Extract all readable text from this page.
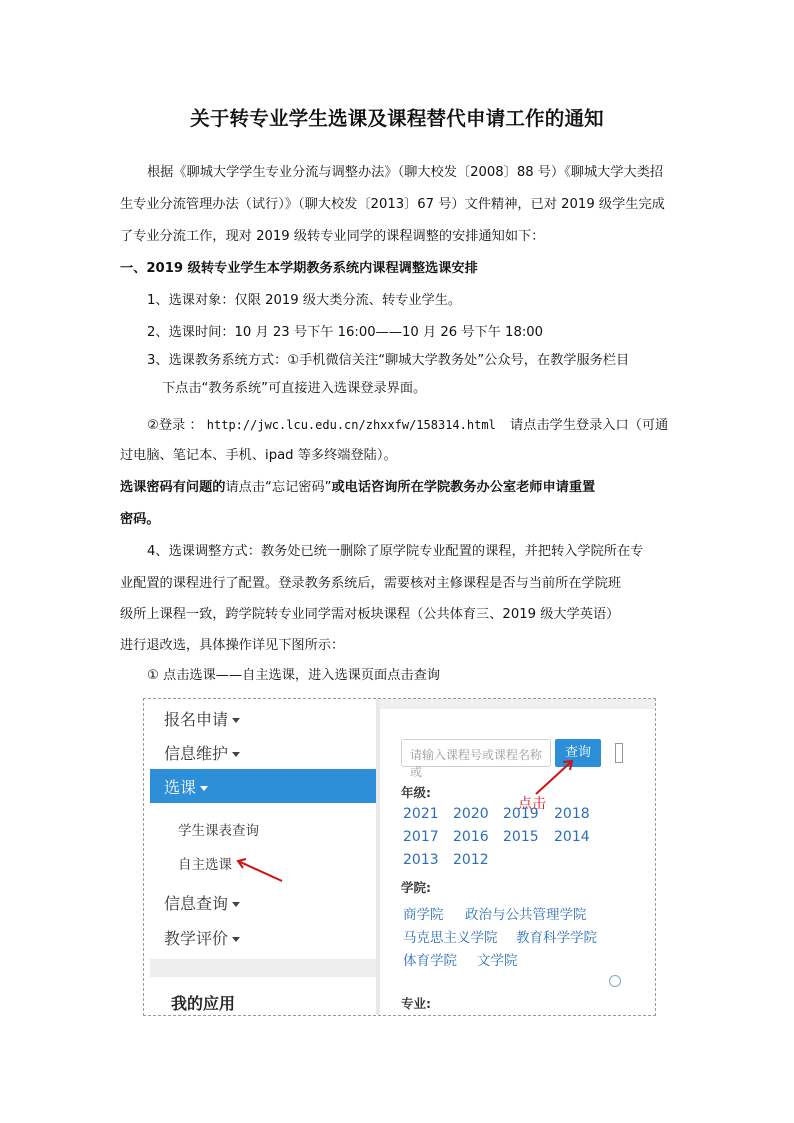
关于转专业学生选课及课程替代申请工作的通知
根据《聊城大学学生专业分流与调整办法》（聊大校发〔2008〕88 号）《聊城大学大类招
生专业分流管理办法（试行）》（聊大校发〔2013〕67 号）文件精神，已对 2019 级学生完成
了专业分流工作，现对 2019 级转专业同学的课程调整的安排通知如下：
一、2019 级转专业学生本学期教务系统内课程调整选课安排
1、选课对象：仅限 2019 级大类分流、转专业学生。
2、选课时间：10 月 23 号下午 16:00——10 月 26 号下午 18:00
3、选课教务系统方式：①手机微信关注“聊城大学教务处”公众号，在教学服务栏目
下点击“教务系统”可直接进入选课登录界面。
②登录 ： http://jwc.lcu.edu.cn/zhxxfw/158314.html 请点击学生登录入口（可通
过电脑、笔记本、手机、ipad 等多终端登陆）。
选课密码有问题的请点击“忘记密码”或电话咨询所在学院教务办公室老师申请重置
密码。
4、选课调整方式：教务处已统一删除了原学院专业配置的课程，并把转入学院所在专
业配置的课程进行了配置。登录教务系统后，需要核对主修课程是否与当前所在学院班
级所上课程一致，跨学院转专业同学需对板块课程（公共体育三、2019 级大学英语）
进行退改选，具体操作详见下图所示：
① 点击选课——自主选课，进入选课页面点击查询
报名申请
信息维护
选课
学生课表查询
自主选课
信息查询
教学评价
我的应用
请输入课程号或课程名称或
查询
点击
年级:
2021 2020 2019 2018
2017 2016 2015 2014
2013 2012
学院:
商学院 政治与公共管理学院
马克思主义学院 教育科学学院
体育学院 文学院
专业:
